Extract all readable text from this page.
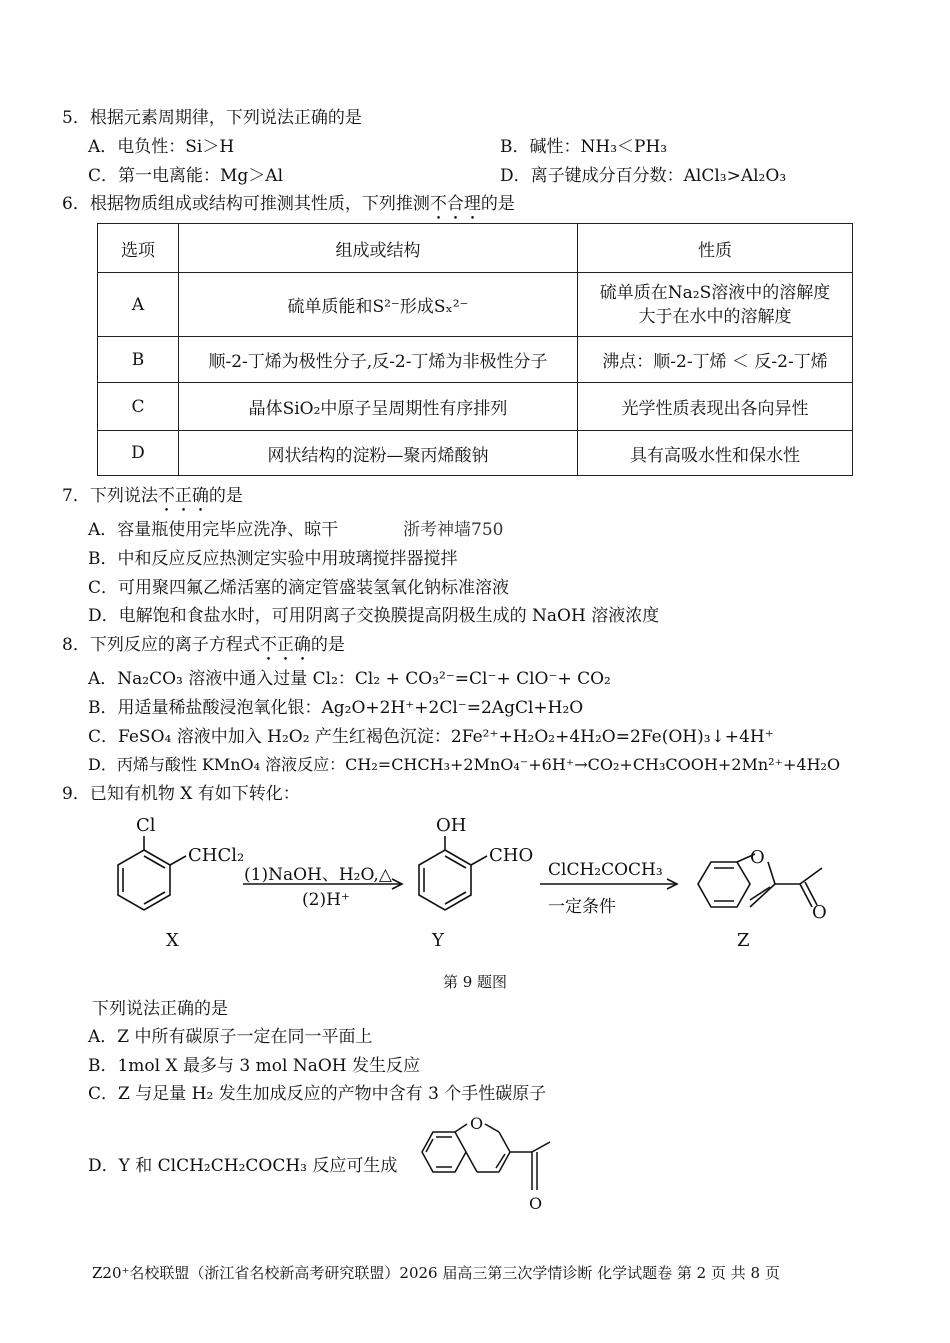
5．根据元素周期律，下列说法正确的是
A．电负性：Si＞H	B．碱性：NH₃＜PH₃
C．第一电离能：Mg＞Al	D．离子键成分百分数：AlCl₃>Al₂O₃
6．根据物质组成或结构可推测其性质，下列推测不合理的是
选项	组成或结构	性质
A	硫单质能和S²⁻形成Sₓ²⁻	硫单质在Na₂S溶液中的溶解度
大于在水中的溶解度

B	顺-2-丁烯为极性分子,反-2-丁烯为非极性分子	沸点：顺-2-丁烯 ＜ 反-2-丁烯
C	晶体SiO₂中原子呈周期性有序排列	光学性质表现出各向异性
D	网状结构的淀粉—聚丙烯酸钠	具有高吸水性和保水性
7．下列说法不正确的是
A．容量瓶使用完毕应洗净、晾干	浙考神墙750
B．中和反应反应热测定实验中用玻璃搅拌器搅拌
C．可用聚四氟乙烯活塞的滴定管盛装氢氧化钠标准溶液
D．电解饱和食盐水时，可用阴离子交换膜提高阴极生成的 NaOH 溶液浓度
8．下列反应的离子方程式不正确的是
A．Na₂CO₃ 溶液中通入过量 Cl₂：Cl₂ + CO₃²⁻=Cl⁻+ ClO⁻+ CO₂
B．用适量稀盐酸浸泡氧化银：Ag₂O+2H⁺+2Cl⁻=2AgCl+H₂O
C．FeSO₄ 溶液中加入 H₂O₂ 产生红褐色沉淀：2Fe²⁺+H₂O₂+4H₂O=2Fe(OH)₃↓+4H⁺
D．丙烯与酸性 KMnO₄ 溶液反应：CH₂=CHCH₃+2MnO₄⁻+6H⁺→CO₂+CH₃COOH+2Mn²⁺+4H₂O
9．已知有机物 X 有如下转化：
Cl
CHCl₂
OH
CHO	O
O
(1)NaOH、H₂O,△
(2)H⁺
ClCH₂COCH₃
一定条件
X	Y	Z
第 9 题图
下列说法正确的是
A．Z 中所有碳原子一定在同一平面上
B．1mol X 最多与 3 mol NaOH 发生反应
C．Z 与足量 H₂ 发生加成反应的产物中含有 3 个手性碳原子
D．Y 和 ClCH₂CH₂COCH₃ 反应可生成
O
O
Z20⁺名校联盟（浙江省名校新高考研究联盟）2026 届高三第三次学情诊断 化学试题卷 第 2 页 共 8 页
